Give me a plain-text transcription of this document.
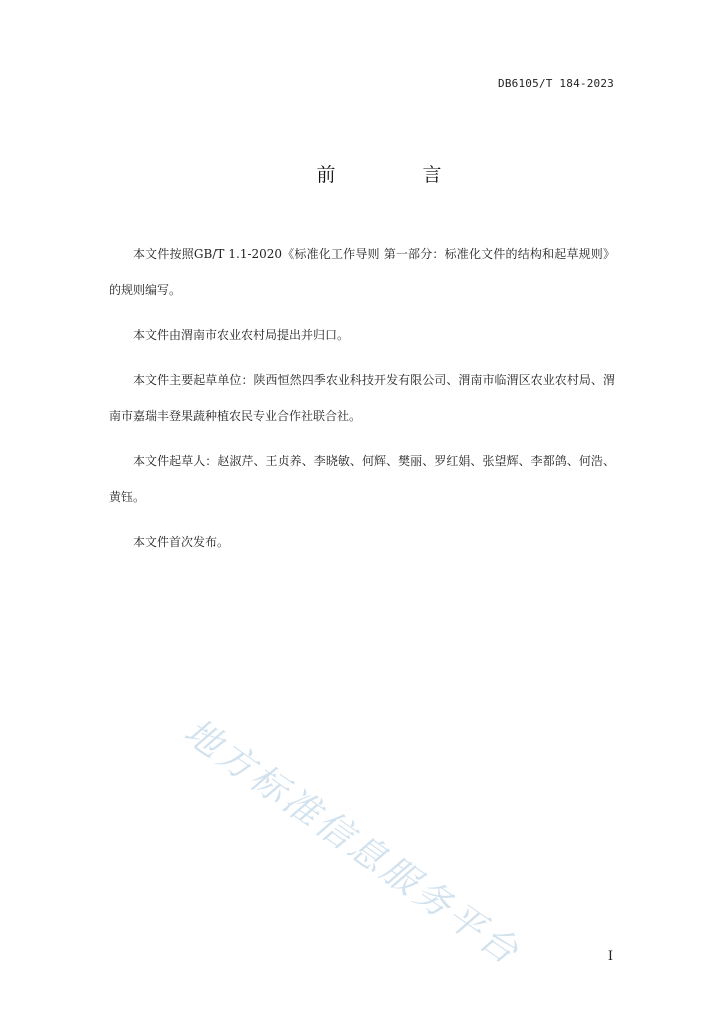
DB6105/T 184-2023
前　言

本文件按照GB/T 1.1-2020《标准化工作导则 第一部分：标准化文件的结构和起草规则》的规则编写。

本文件由渭南市农业农村局提出并归口。

本文件主要起草单位：陕西恒然四季农业科技开发有限公司、渭南市临渭区农业农村局、渭南市嘉瑞丰登果蔬种植农民专业合作社联合社。

本文件起草人：赵淑芹、王贞养、李晓敏、何辉、樊丽、罗红娟、张望辉、李都鸽、何浩、黄钰。

本文件首次发布。

地方标准信息服务平台	I
